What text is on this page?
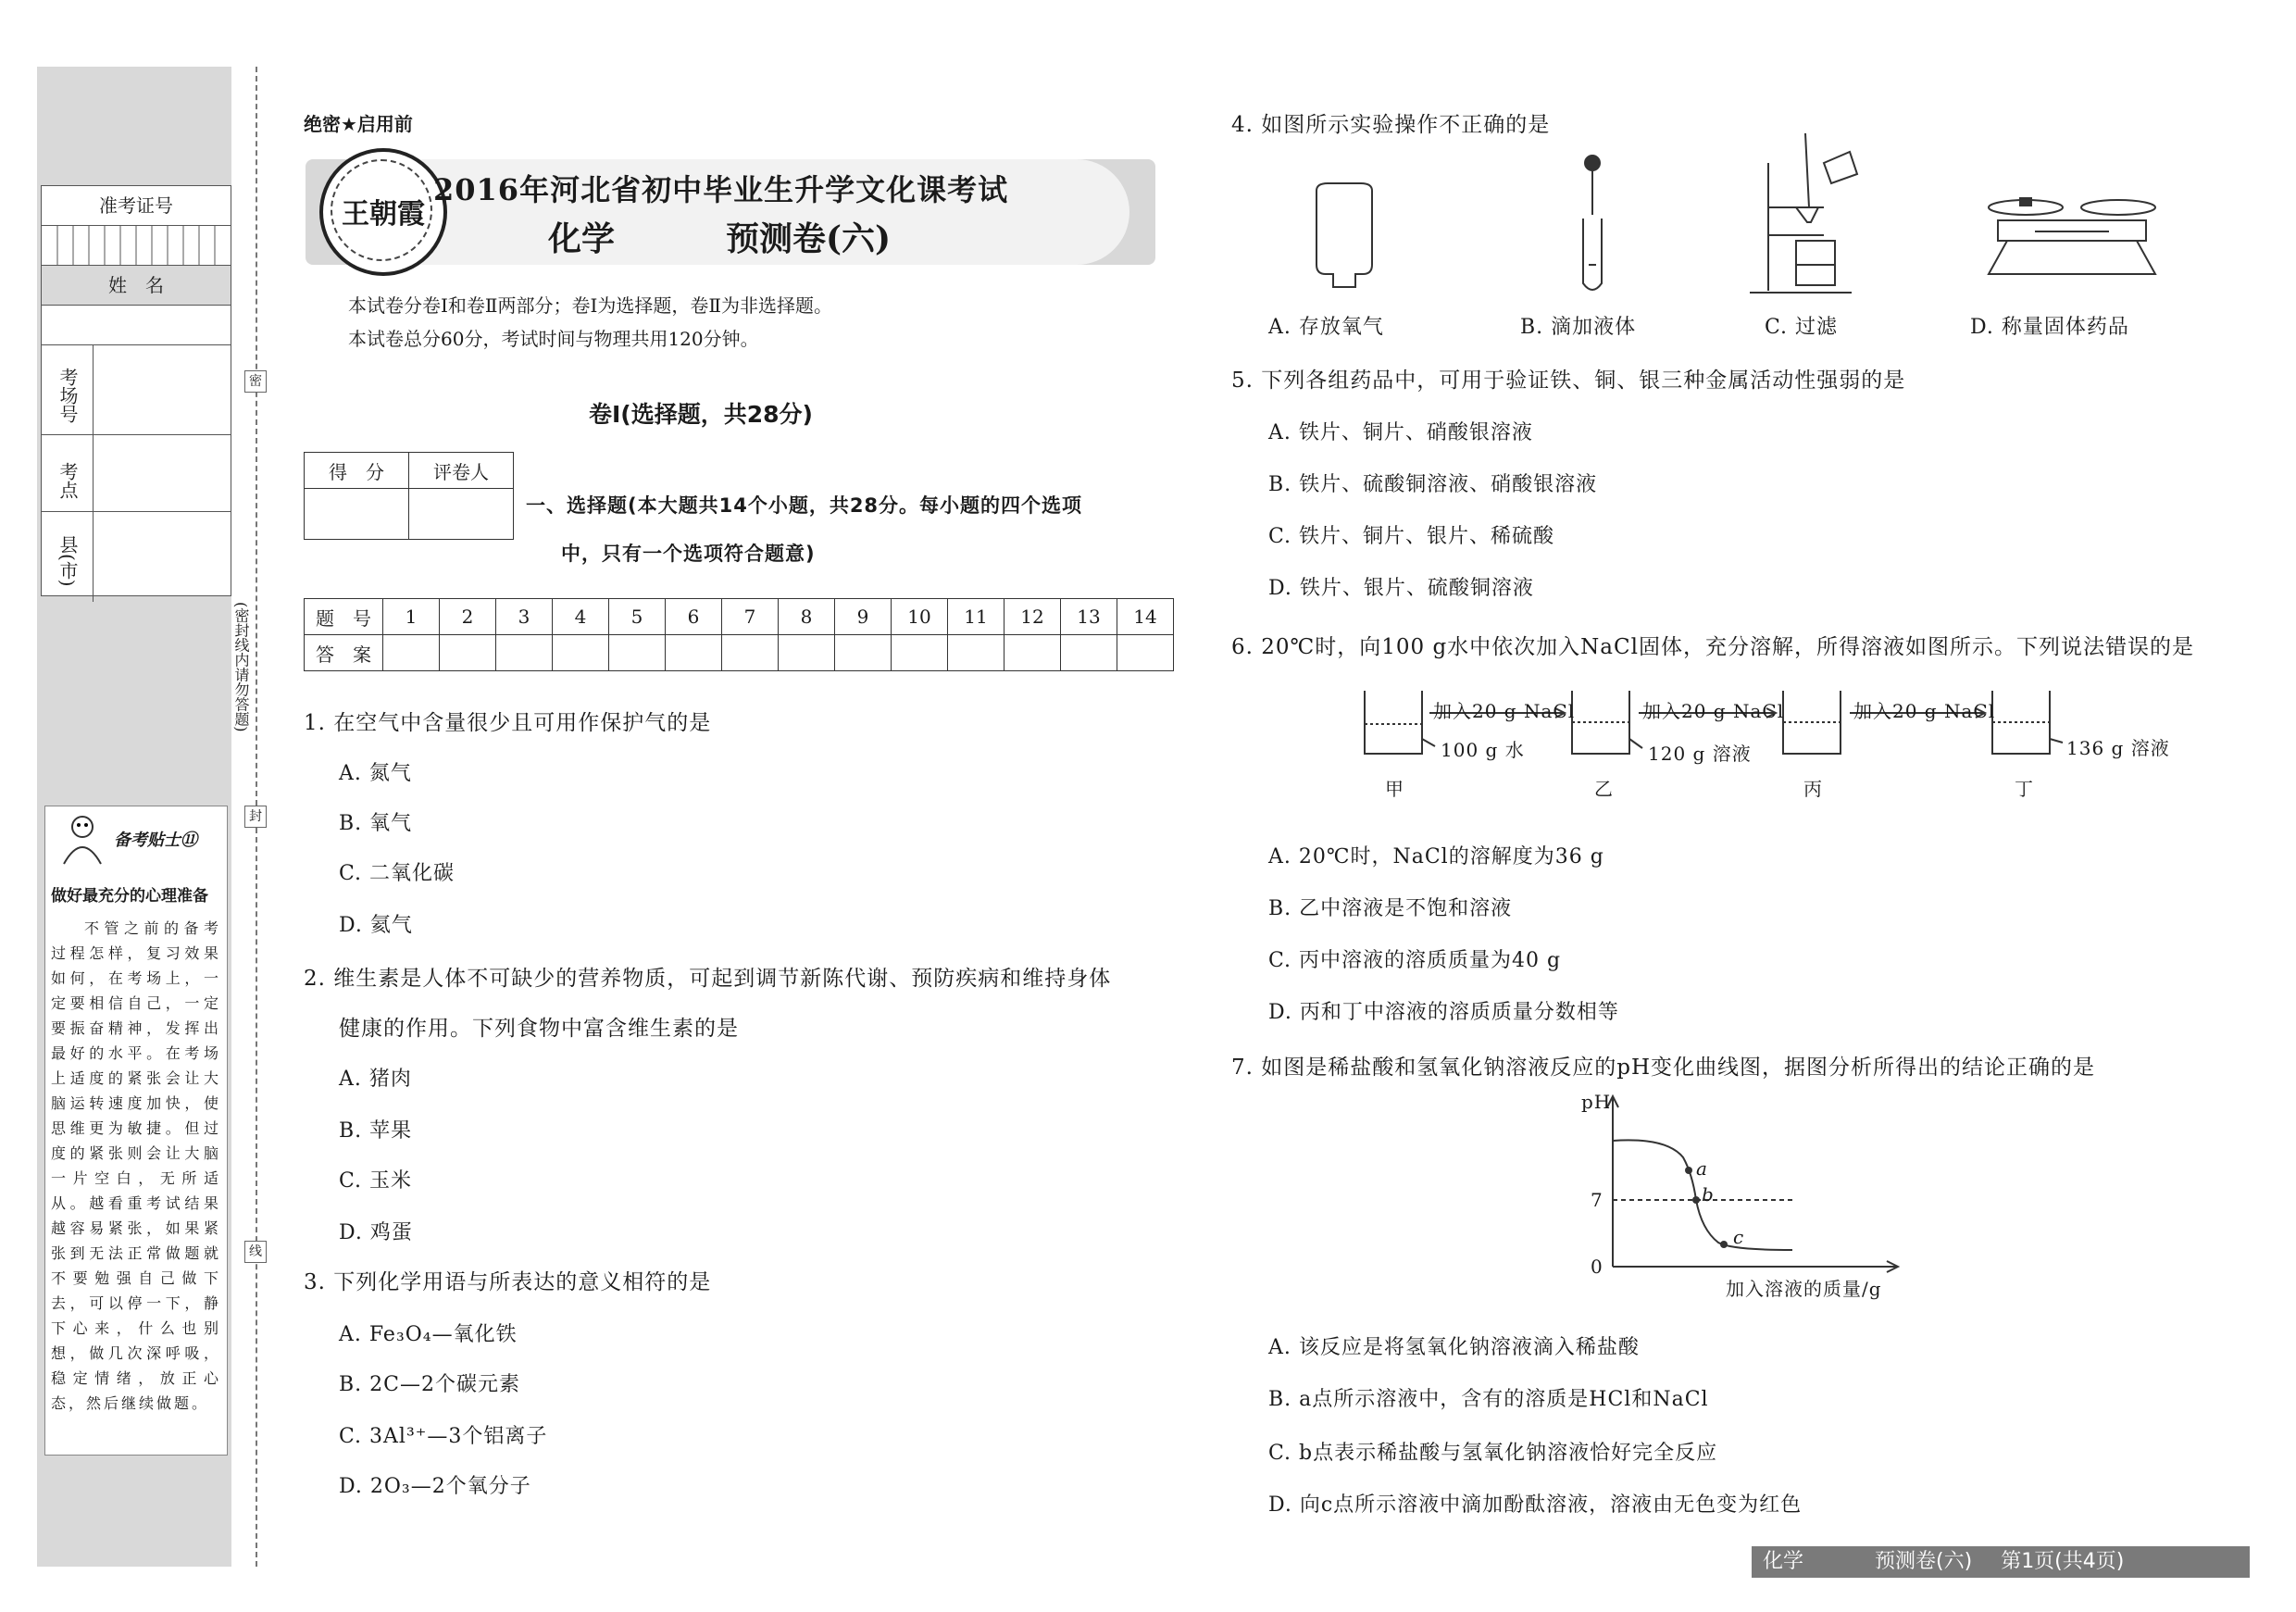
准考证号
姓　名
考场号
考点
县(市)
密
封
线
(密封线内请勿答题)
备考贴士⑪
做好最充分的心理准备
不管之前的备考过程怎样，复习效果如何，在考场上，一定要相信自己，一定要振奋精神，发挥出最好的水平。在考场上适度的紧张会让大脑运转速度加快，使思维更为敏捷。但过度的紧张则会让大脑一片空白，无所适从。越看重考试结果越容易紧张，如果紧张到无法正常做题就不要勉强自己做下去，可以停一下，静下心来，什么也别想，做几次深呼吸，稳定情绪，放正心态，然后继续做题。
绝密★启用前
王朝霞
2016年河北省初中毕业生升学文化课考试
化学	预测卷(六)
本试卷分卷Ⅰ和卷Ⅱ两部分；卷Ⅰ为选择题，卷Ⅱ为非选择题。
本试卷总分60分，考试时间与物理共用120分钟。
卷Ⅰ(选择题，共28分)
得　分	评卷人

一、选择题(本大题共14个小题，共28分。每小题的四个选项
中，只有一个选项符合题意)
题　号	1	2	3	4	5	6	7	8	9	10	11	12	13	14
答　案														
1. 在空气中含量很少且可用作保护气的是
A. 氮气
B. 氧气
C. 二氧化碳
D. 氦气
2. 维生素是人体不可缺少的营养物质，可起到调节新陈代谢、预防疾病和维持身体
健康的作用。下列食物中富含维生素的是
A. 猪肉
B. 苹果
C. 玉米
D. 鸡蛋
3. 下列化学用语与所表达的意义相符的是
A. Fe₃O₄—氧化铁
B. 2C—2个碳元素
C. 3Al³⁺—3个铝离子
D. 2O₃—2个氧分子
4. 如图所示实验操作不正确的是
A. 存放氧气	B. 滴加液体	C. 过滤	D. 称量固体药品
5. 下列各组药品中，可用于验证铁、铜、银三种金属活动性强弱的是
A. 铁片、铜片、硝酸银溶液
B. 铁片、硫酸铜溶液、硝酸银溶液
C. 铁片、铜片、银片、稀硫酸
D. 铁片、银片、硫酸铜溶液
6. 20℃时，向100 g水中依次加入NaCl固体，充分溶解，所得溶液如图所示。下列说法错误的是
加入20 g NaCl	加入20 g NaCl	加入20 g NaCl
100 g 水	120 g 溶液	136 g 溶液
甲	乙	丙	丁
A. 20℃时，NaCl的溶解度为36 g
B. 乙中溶液是不饱和溶液
C. 丙中溶液的溶质质量为40 g
D. 丙和丁中溶液的溶质质量分数相等
7. 如图是稀盐酸和氢氧化钠溶液反应的pH变化曲线图，据图分析所得出的结论正确的是
pH
7
0
a
b
c
加入溶液的质量/g
A. 该反应是将氢氧化钠溶液滴入稀盐酸
B. a点所示溶液中，含有的溶质是HCl和NaCl
C. b点表示稀盐酸与氢氧化钠溶液恰好完全反应
D. 向c点所示溶液中滴加酚酞溶液，溶液由无色变为红色
化学	预测卷(六) 第1页(共4页)
